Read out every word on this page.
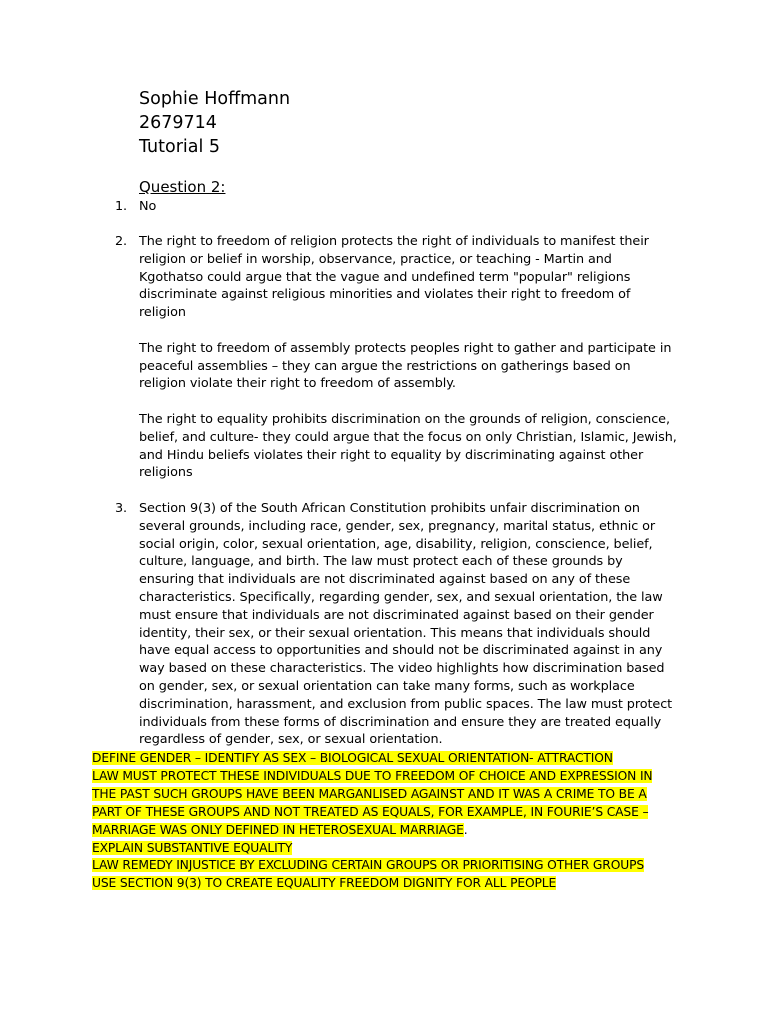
Sophie Hoffmann
2679714
Tutorial 5
Question 2:
1. No

2. The right to freedom of religion protects the right of individuals to manifest their religion or belief in worship, observance, practice, or teaching - Martin and Kgothatso could argue that the vague and undefined term "popular" religions discriminate against religious minorities and violates their right to freedom of religion

The right to freedom of assembly protects peoples right to gather and participate in peaceful assemblies – they can argue the restrictions on gatherings based on religion violate their right to freedom of assembly.

The right to equality prohibits discrimination on the grounds of religion, conscience, belief, and culture- they could argue that the focus on only Christian, Islamic, Jewish, and Hindu beliefs violates their right to equality by discriminating against other religions

3. Section 9(3) of the South African Constitution prohibits unfair discrimination on several grounds, including race, gender, sex, pregnancy, marital status, ethnic or social origin, color, sexual orientation, age, disability, religion, conscience, belief, culture, language, and birth. The law must protect each of these grounds by ensuring that individuals are not discriminated against based on any of these characteristics. Specifically, regarding gender, sex, and sexual orientation, the law must ensure that individuals are not discriminated against based on their gender identity, their sex, or their sexual orientation. This means that individuals should have equal access to opportunities and should not be discriminated against in any way based on these characteristics. The video highlights how discrimination based on gender, sex, or sexual orientation can take many forms, such as workplace discrimination, harassment, and exclusion from public spaces. The law must protect individuals from these forms of discrimination and ensure they are treated equally regardless of gender, sex, or sexual orientation.

DEFINE GENDER – IDENTIFY AS SEX – BIOLOGICAL SEXUAL ORIENTATION- ATTRACTION
LAW MUST PROTECT THESE INDIVIDUALS DUE TO FREEDOM OF CHOICE AND EXPRESSION IN
THE PAST SUCH GROUPS HAVE BEEN MARGANLISED AGAINST AND IT WAS A CRIME TO BE A
PART OF THESE GROUPS AND NOT TREATED AS EQUALS, FOR EXAMPLE, IN FOURIE’S CASE –
MARRIAGE WAS ONLY DEFINED IN HETEROSEXUAL MARRIAGE.
EXPLAIN SUBSTANTIVE EQUALITY
LAW REMEDY INJUSTICE BY EXCLUDING CERTAIN GROUPS OR PRIORITISING OTHER GROUPS
USE SECTION 9(3) TO CREATE EQUALITY FREEDOM DIGNITY FOR ALL PEOPLE
